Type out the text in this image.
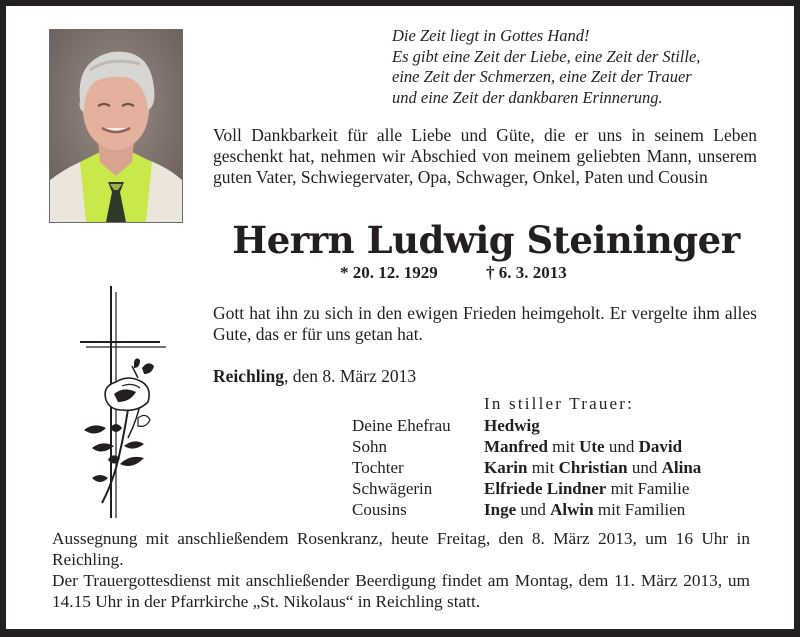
Die Zeit liegt in Gottes Hand!
Es gibt eine Zeit der Liebe, eine Zeit der Stille,
eine Zeit der Schmerzen, eine Zeit der Trauer
und eine Zeit der dankbaren Erinnerung.
Voll Dankbarkeit für alle Liebe und Güte, die er uns in seinem Leben geschenkt hat, nehmen wir Abschied von meinem geliebten Mann, unserem guten Vater, Schwiegervater, Opa, Schwager, Onkel, Paten und Cousin
Herrn Ludwig Steininger
* 20. 12. 1929	† 6. 3. 2013
Gott hat ihn zu sich in den ewigen Frieden heimgeholt. Er vergelte ihm alles Gute, das er für uns getan hat.
Reichling, den 8. März 2013
In stiller Trauer:
Deine Ehefrau	Hedwig
Sohn	Manfred mit Ute und David
Tochter	Karin mit Christian und Alina
Schwägerin	Elfriede Lindner mit Familie
Cousins	Inge und Alwin mit Familien
Aussegnung mit anschließendem Rosenkranz, heute Freitag, den 8. März 2013, um 16 Uhr in Reichling.
Der Trauergottesdienst mit anschließender Beerdigung findet am Montag, dem 11. März 2013, um 14.15 Uhr in der Pfarrkirche „St. Nikolaus“ in Reichling statt.
